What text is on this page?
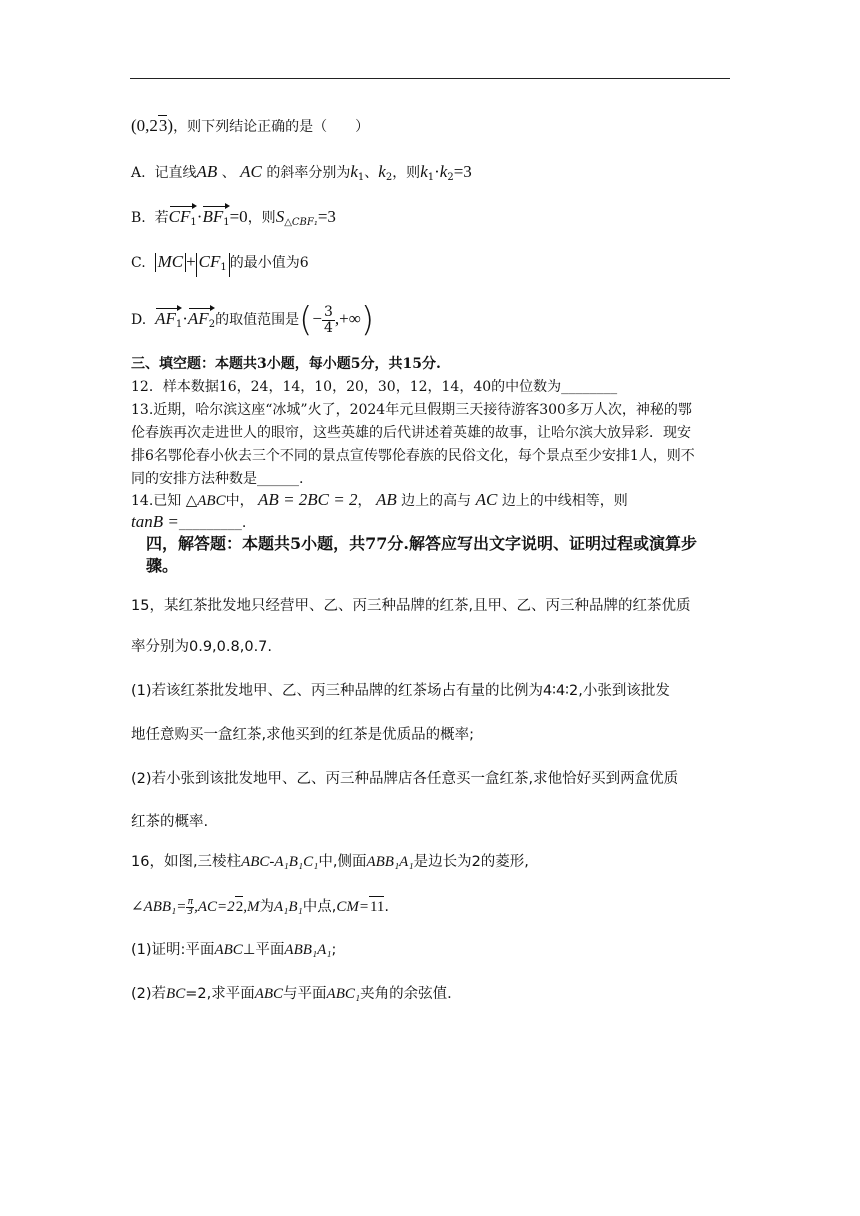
(0,23)，则下列结论正确的是（　　）
A. 记直线AB 、 AC 的斜率分别为$k_1$、$k_2$，则$k_1\cdot k_2=3$
B. 若$CF_1\cdot BF_1=0$，则$S_{\triangle CBF_1}=3$
C. MC + $CF_1$ 的最小值为6
D. $AF_1\cdot AF_2$的取值范围是(− $\frac{3}{4}$ ,+∞)
三、填空题：本题共3小题，每小题5分，共15分.
12．样本数据16，24，14，10，20，30，12，14，40的中位数为________
13.近期，哈尔滨这座“冰城”火了，2024年元旦假期三天接待游客300多万人次，神秘的鄂
伦春族再次走进世人的眼帘，这些英雄的后代讲述着英雄的故事，让哈尔滨大放异彩．现安
排6名鄂伦春小伙去三个不同的景点宣传鄂伦春族的民俗文化，每个景点至少安排1人，则不
同的安排方法种数是______.
14.已知 △ABC中， AB = 2BC = 2， AB 边上的高与 AC 边上的中线相等，则
tanB =_________.
四，解答题：本题共5小题，共77分.解答应写出文字说明、证明过程或演算步
骤。
15，某红茶批发地只经营甲、乙、丙三种品牌的红茶,且甲、乙、丙三种品牌的红茶优质
率分别为0.9,0.8,0.7.
(1)若该红茶批发地甲、乙、丙三种品牌的红茶场占有量的比例为4∶4∶2,小张到该批发
地任意购买一盒红茶,求他买到的红茶是优质品的概率;
(2)若小张到该批发地甲、乙、丙三种品牌店各任意买一盒红茶,求他恰好买到两盒优质
红茶的概率.
16，如图,三棱柱ABC-A₁B₁C₁中,侧面ABB₁A₁是边长为2的菱形,
∠ABB₁= $\frac{\pi}{3} ,AC=22,M$为A₁B₁中点,CM=11.
(1)证明:平面ABC⊥平面ABB₁A₁;
(2)若BC=2,求平面ABC与平面ABC₁夹角的余弦值.
